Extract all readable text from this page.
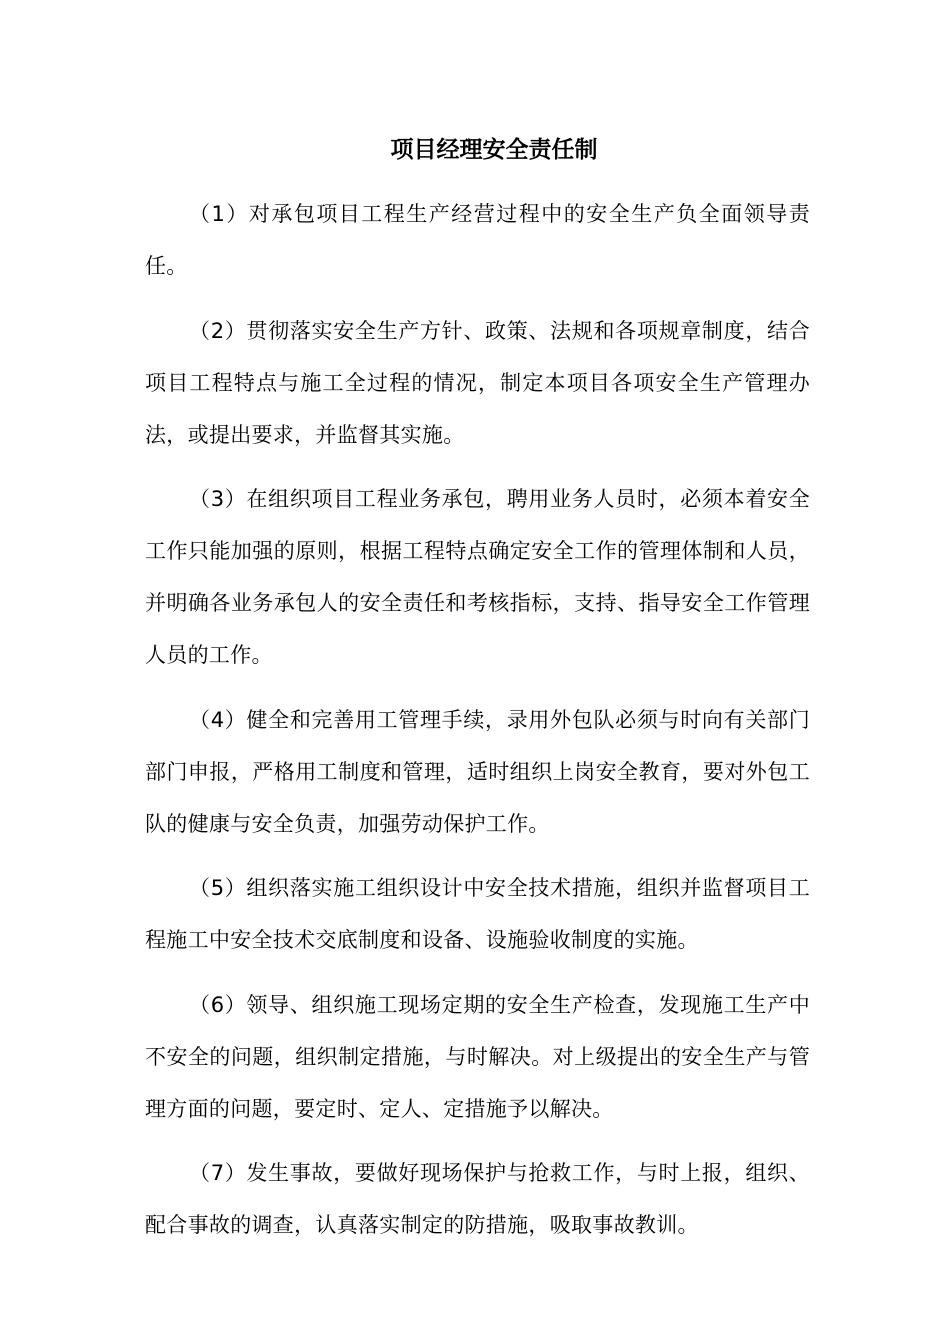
项目经理安全责任制

（1）对承包项目工程生产经营过程中的安全生产负全面领导责任。

（2）贯彻落实安全生产方针、政策、法规和各项规章制度，结合项目工程特点与施工全过程的情况，制定本项目各项安全生产管理办法，或提出要求，并监督其实施。

（3）在组织项目工程业务承包，聘用业务人员时，必须本着安全工作只能加强的原则，根据工程特点确定安全工作的管理体制和人员，并明确各业务承包人的安全责任和考核指标，支持、指导安全工作管理人员的工作。

（4）健全和完善用工管理手续，录用外包队必须与时向有关部门部门申报，严格用工制度和管理，适时组织上岗安全教育，要对外包工队的健康与安全负责，加强劳动保护工作。

（5）组织落实施工组织设计中安全技术措施，组织并监督项目工程施工中安全技术交底制度和设备、设施验收制度的实施。

（6）领导、组织施工现场定期的安全生产检查，发现施工生产中不安全的问题，组织制定措施，与时解决。对上级提出的安全生产与管理方面的问题，要定时、定人、定措施予以解决。

（7）发生事故，要做好现场保护与抢救工作，与时上报，组织、配合事故的调查，认真落实制定的防措施，吸取事故教训。
